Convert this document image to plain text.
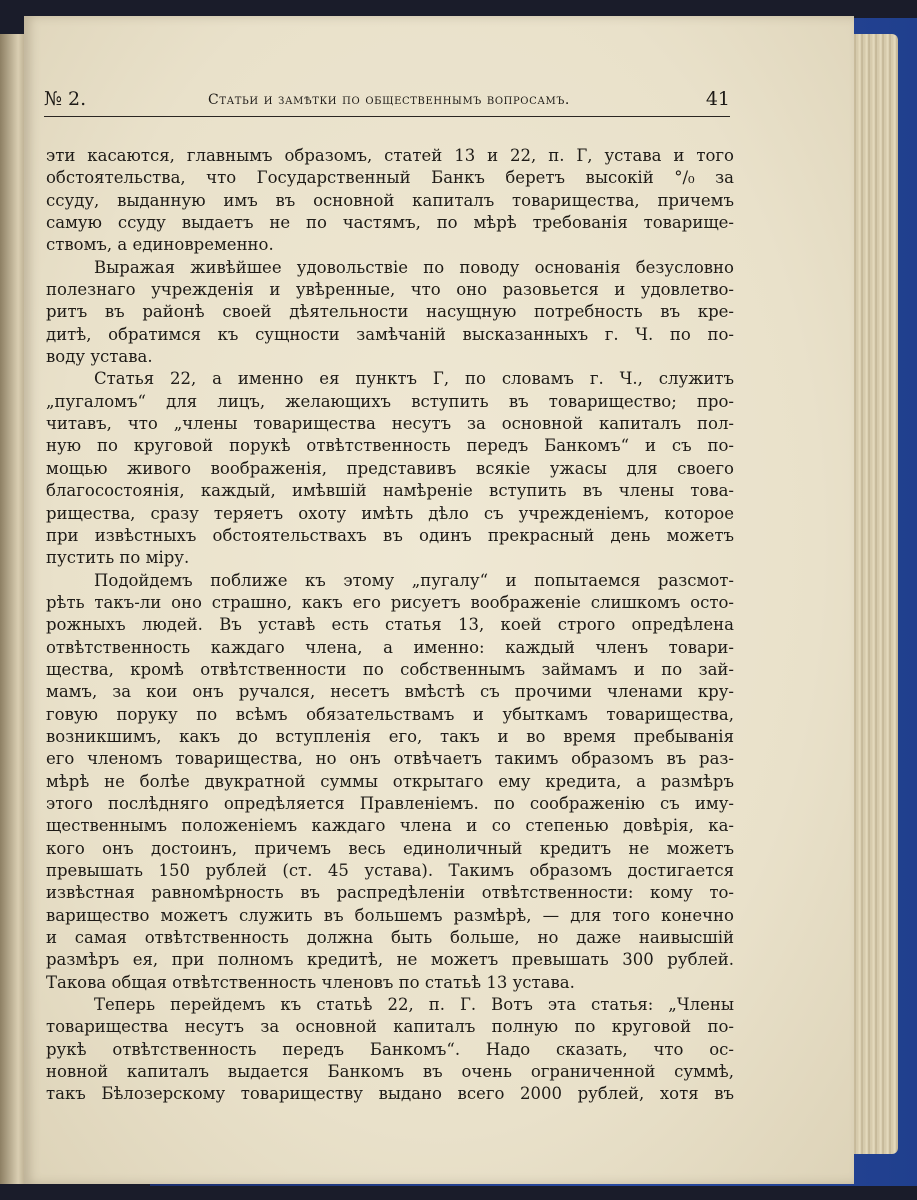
№ 2.	Статьи и замѣтки по общественнымъ вопросамъ.	41
эти касаются, главнымъ образомъ, статей 13 и 22, п. Г, устава и того
обстоятельства, что Государственный Банкъ беретъ высокій °/₀ за
ссуду, выданную имъ въ основной капиталъ товарищества, причемъ
самую ссуду выдаетъ не по частямъ, по мѣрѣ требованія товарище-
ствомъ, а единовременно.
Выражая живѣйшее удовольствіе по поводу основанія безусловно
полезнаго учрежденія и увѣренные, что оно разовьется и удовлетво-
ритъ въ районѣ своей дѣятельности насущную потребность въ кре-
дитѣ, обратимся къ сущности замѣчаній высказанныхъ г. Ч. по по-
воду устава.
Статья 22, а именно ея пунктъ Г, по словамъ г. Ч., служитъ
„пугаломъ“ для лицъ, желающихъ вступить въ товарищество; про-
читавъ, что „члены товарищества несутъ за основной капиталъ пол-
ную по круговой порукѣ отвѣтственность передъ Банкомъ“ и съ по-
мощью живого воображенія, представивъ всякіе ужасы для своего
благосостоянія, каждый, имѣвшій намѣреніе вступить въ члены това-
рищества, сразу теряетъ охоту имѣть дѣло съ учрежденіемъ, которое
при извѣстныхъ обстоятельствахъ въ одинъ прекрасный день можетъ
пустить по міру.
Подойдемъ поближе къ этому „пугалу“ и попытаемся разсмот-
рѣть такъ-ли оно страшно, какъ его рисуетъ воображеніе слишкомъ осто-
рожныхъ людей. Въ уставѣ есть статья 13, коей строго опредѣлена
отвѣтственность каждаго члена, а именно: каждый членъ товари-
щества, кромѣ отвѣтственности по собственнымъ займамъ и по зай-
мамъ, за кои онъ ручался, несетъ вмѣстѣ съ прочими членами кру-
говую поруку по всѣмъ обязательствамъ и убыткамъ товарищества,
возникшимъ, какъ до вступленія его, такъ и во время пребыванія
его членомъ товарищества, но онъ отвѣчаетъ такимъ образомъ въ раз-
мѣрѣ не болѣе двукратной суммы открытаго ему кредита, а размѣръ
этого послѣдняго опредѣляется Правленіемъ. по соображенію съ иму-
щественнымъ положеніемъ каждаго члена и со степенью довѣрія, ка-
кого онъ достоинъ, причемъ весь единоличный кредитъ не можетъ
превышать 150 рублей (ст. 45 устава). Такимъ образомъ достигается
извѣстная равномѣрность въ распредѣленіи отвѣтственности: кому то-
варищество можетъ служить въ большемъ размѣрѣ, — для того конечно
и самая отвѣтственность должна быть больше, но даже наивысшій
размѣръ ея, при полномъ кредитѣ, не можетъ превышать 300 рублей.
Такова общая отвѣтственность членовъ по статьѣ 13 устава.
Теперь перейдемъ къ статьѣ 22, п. Г. Вотъ эта статья: „Члены
товарищества несутъ за основной капиталъ полную по круговой по-
рукѣ отвѣтственность передъ Банкомъ“. Надо сказать, что ос-
новной капиталъ выдается Банкомъ въ очень ограниченной суммѣ,
такъ Бѣлозерскому товариществу выдано всего 2000 рублей, хотя въ
